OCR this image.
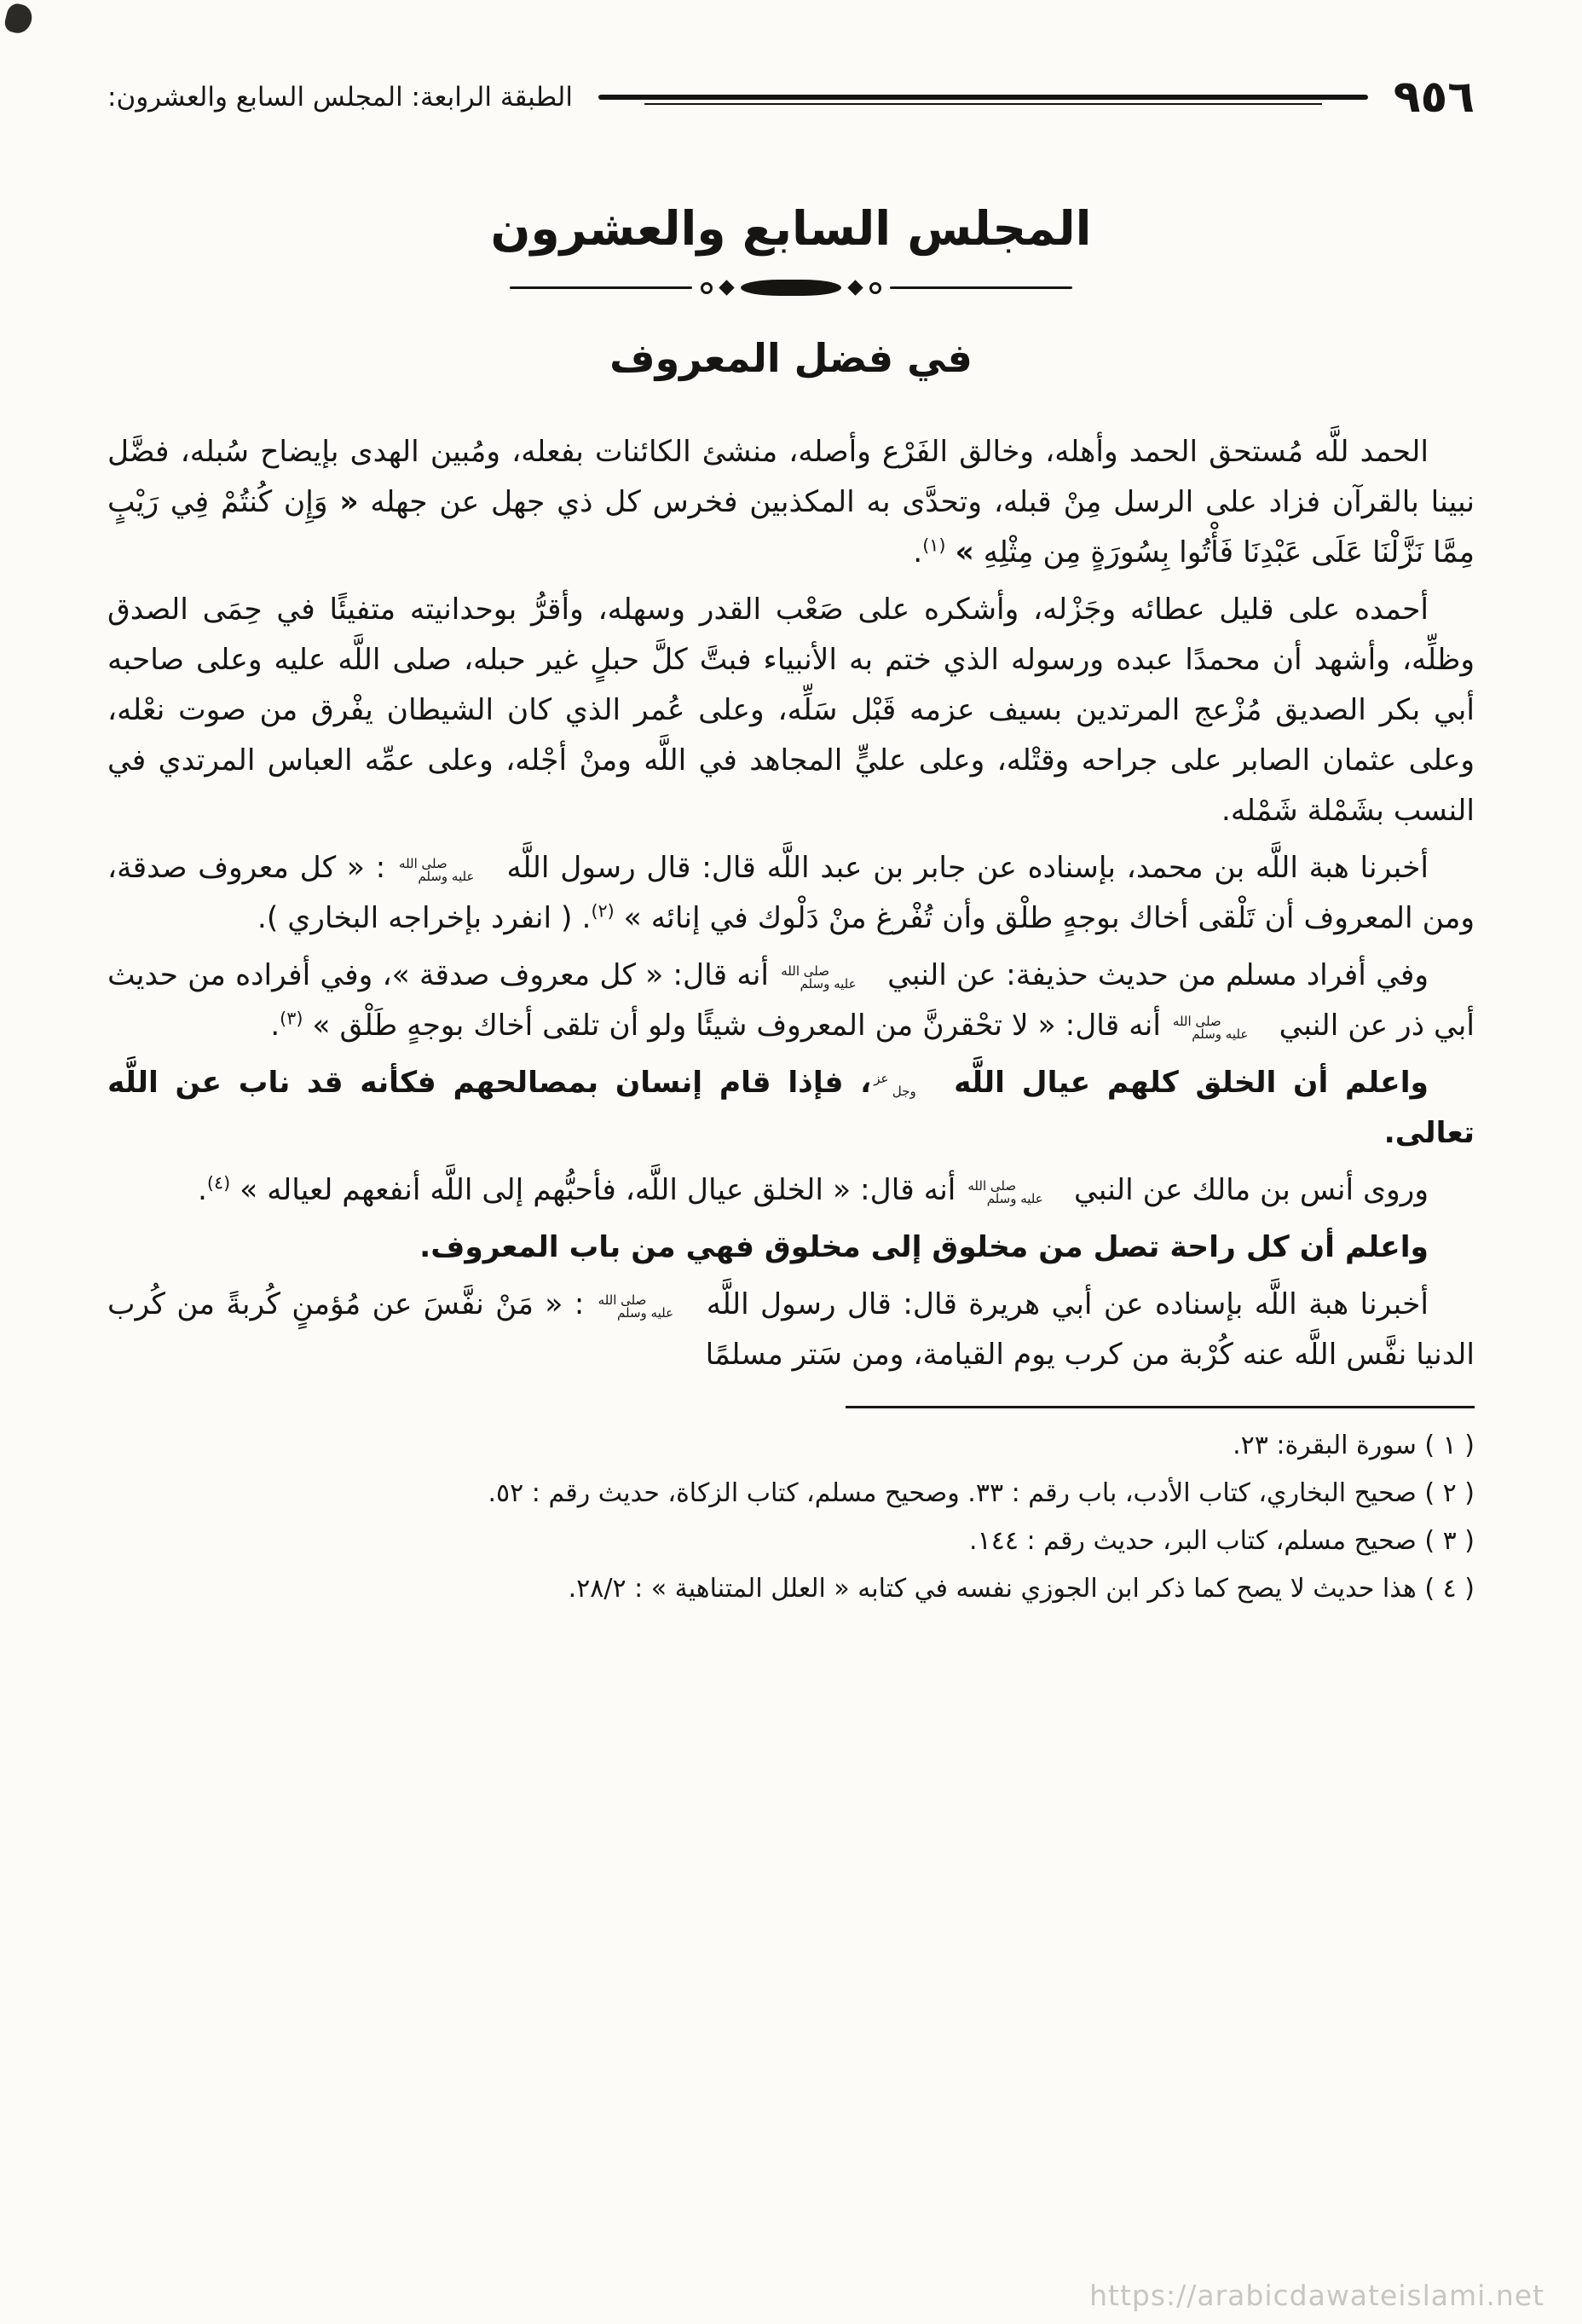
٩٥٦
الطبقة الرابعة: المجلس السابع والعشرون:
المجلس السابع والعشرون
في فضل المعروف

الحمد للَّه مُستحق الحمد وأهله، وخالق الفَرْع وأصله، منشئ الكائنات بفعله، ومُبين الهدى بإيضاح سُبله، فضَّل نبينا بالقرآن فزاد على الرسل مِنْ قبله، وتحدَّى به المكذبين فخرس كل ذي جهل عن جهله « وَإِن كُنتُمْ فِي رَيْبٍ مِمَّا نَزَّلْنَا عَلَى عَبْدِنَا فَأْتُوا بِسُورَةٍ مِن مِثْلِهِ » $^{(١)}$.

أحمده على قليل عطائه وجَزْله، وأشكره على صَعْب القدر وسهله، وأقرُّ بوحدانيته متفيئًا في حِمَى الصدق وظلِّه، وأشهد أن محمدًا عبده ورسوله الذي ختم به الأنبياء فبتَّ كلَّ حبلٍ غير حبله، صلى اللَّه عليه وعلى صاحبه أبي بكر الصديق مُزْعج المرتدين بسيف عزمه قَبْل سَلِّه، وعلى عُمر الذي كان الشيطان يفْرق من صوت نعْله، وعلى عثمان الصابر على جراحه وقتْله، وعلى عليٍّ المجاهد في اللَّه ومنْ أجْله، وعلى عمِّه العباس المرتدي في النسب بشَمْلة شَمْله.

أخبرنا هبة اللَّه بن محمد، بإسناده عن جابر بن عبد اللَّه قال: قال رسول اللَّه صلى الله
عليه وسلم : « كل معروف صدقة، ومن المعروف أن تَلْقى أخاك بوجهٍ طلْق وأن تُفْرغ منْ دَلْوك في إنائه » $^{(٢)}$. ( انفرد بإخراجه البخاري ).

وفي أفراد مسلم من حديث حذيفة: عن النبي صلى الله
عليه وسلم أنه قال: « كل معروف صدقة »، وفي أفراده من حديث أبي ذر عن النبي صلى الله
عليه وسلم أنه قال: « لا تحْقرنَّ من المعروف شيئًا ولو أن تلقى أخاك بوجهٍ طَلْق » $^{(٣)}$.

واعلم أن الخلق كلهم عيال اللَّه عز
وجل، فإذا قام إنسان بمصالحهم فكأنه قد ناب عن اللَّه تعالى.

وروى أنس بن مالك عن النبي صلى الله
عليه وسلم أنه قال: « الخلق عيال اللَّه، فأحبُّهم إلى اللَّه أنفعهم لعياله » $^{(٤)}$.

واعلم أن كل راحة تصل من مخلوق إلى مخلوق فهي من باب المعروف.

أخبرنا هبة اللَّه بإسناده عن أبي هريرة قال: قال رسول اللَّه صلى الله
عليه وسلم : « مَنْ نفَّسَ عن مُؤمنٍ كُربةً من كُرب الدنيا نفَّس اللَّه عنه كُرْبة من كرب يوم القيامة، ومن سَتر مسلمًا

( ١ ) سورة البقرة: ٢٣.

( ٢ ) صحيح البخاري، كتاب الأدب، باب رقم : ٣٣. وصحيح مسلم، كتاب الزكاة، حديث رقم : ٥٢.

( ٣ ) صحيح مسلم، كتاب البر، حديث رقم : ١٤٤.

( ٤ ) هذا حديث لا يصح كما ذكر ابن الجوزي نفسه في كتابه « العلل المتناهية » : ٢٨/٢.

https://arabicdawateislami.net
